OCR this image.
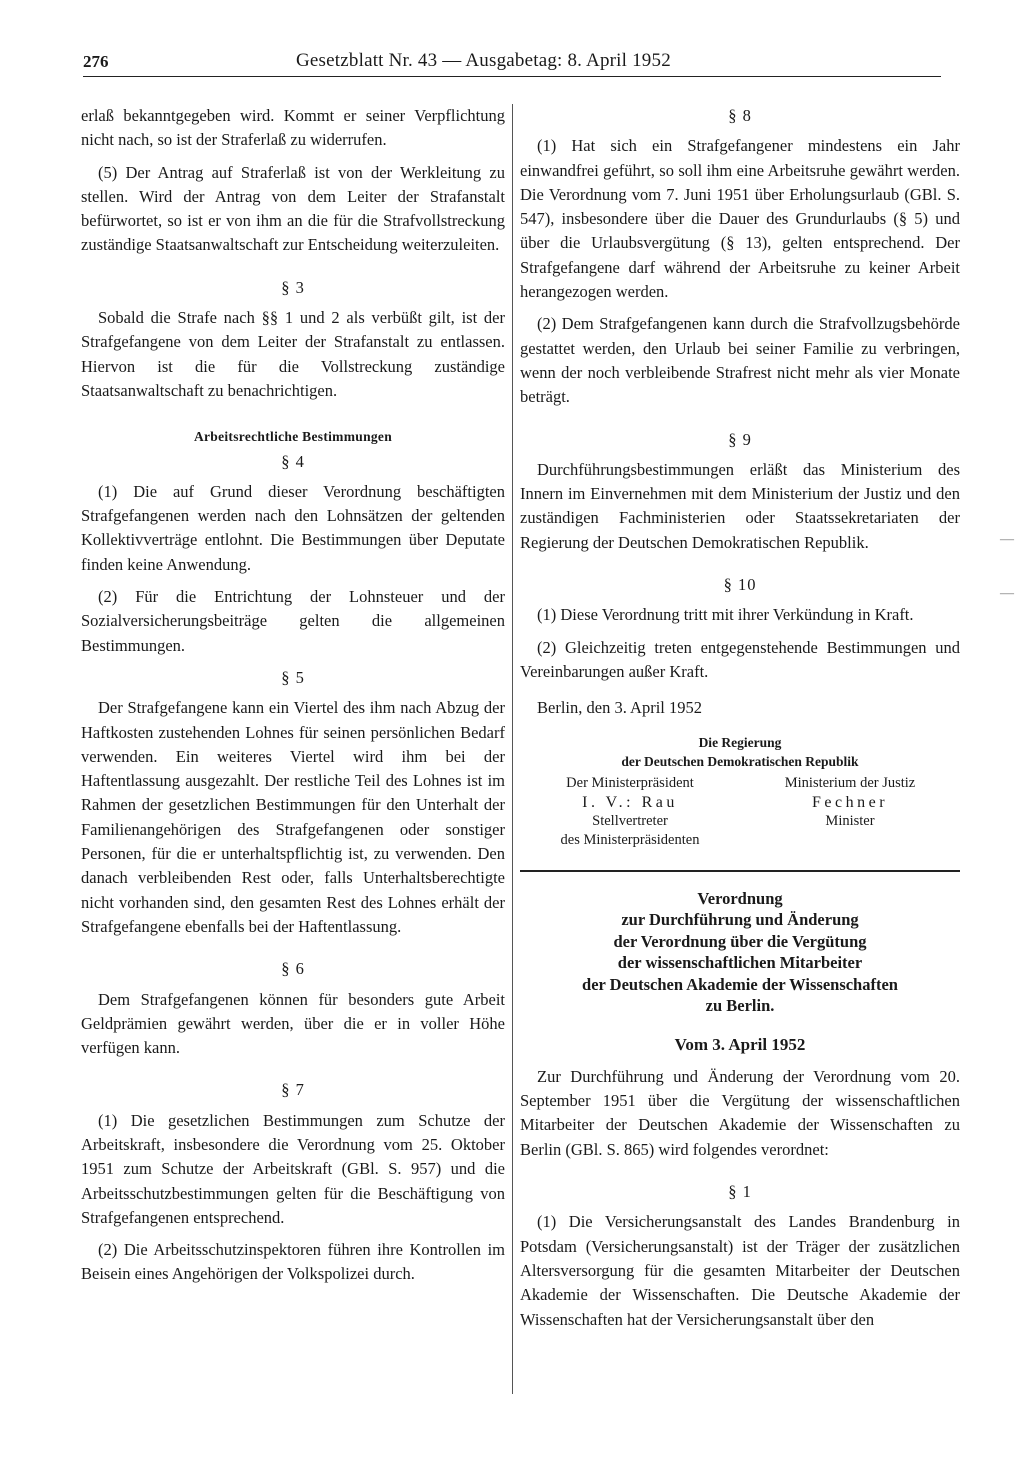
276	Gesetzblatt Nr. 43 — Ausgabetag: 8. April 1952

erlaß bekanntgegeben wird. Kommt er seiner Verpflichtung nicht nach, so ist der Straferlaß zu widerrufen.

(5) Der Antrag auf Straferlaß ist von der Werkleitung zu stellen. Wird der Antrag von dem Leiter der Strafanstalt befürwortet, so ist er von ihm an die für die Strafvollstreckung zuständige Staatsanwaltschaft zur Entscheidung weiterzuleiten.

§ 3

Sobald die Strafe nach §§ 1 und 2 als verbüßt gilt, ist der Strafgefangene von dem Leiter der Strafanstalt zu entlassen. Hiervon ist die für die Vollstreckung zuständige Staatsanwaltschaft zu benachrichtigen.

Arbeitsrechtliche Bestimmungen
§ 4

(1) Die auf Grund dieser Verordnung beschäftigten Strafgefangenen werden nach den Lohnsätzen der geltenden Kollektivverträge entlohnt. Die Bestimmungen über Deputate finden keine Anwendung.

(2) Für die Entrichtung der Lohnsteuer und der Sozialversicherungsbeiträge gelten die allgemeinen Bestimmungen.

§ 5

Der Strafgefangene kann ein Viertel des ihm nach Abzug der Haftkosten zustehenden Lohnes für seinen persönlichen Bedarf verwenden. Ein weiteres Viertel wird ihm bei der Haftentlassung ausgezahlt. Der restliche Teil des Lohnes ist im Rahmen der gesetzlichen Bestimmungen für den Unterhalt der Familienangehörigen des Strafgefangenen oder sonstiger Personen, für die er unterhaltspflichtig ist, zu verwenden. Den danach verbleibenden Rest oder, falls Unterhaltsberechtigte nicht vorhanden sind, den gesamten Rest des Lohnes erhält der Strafgefangene ebenfalls bei der Haftentlassung.

§ 6

Dem Strafgefangenen können für besonders gute Arbeit Geldprämien gewährt werden, über die er in voller Höhe verfügen kann.

§ 7

(1) Die gesetzlichen Bestimmungen zum Schutze der Arbeitskraft, insbesondere die Verordnung vom 25. Oktober 1951 zum Schutze der Arbeitskraft (GBl. S. 957) und die Arbeitsschutzbestimmungen gelten für die Beschäftigung von Strafgefangenen entsprechend.

(2) Die Arbeitsschutzinspektoren führen ihre Kontrollen im Beisein eines Angehörigen der Volkspolizei durch.

§ 8

(1) Hat sich ein Strafgefangener mindestens ein Jahr einwandfrei geführt, so soll ihm eine Arbeitsruhe gewährt werden. Die Verordnung vom 7. Juni 1951 über Erholungsurlaub (GBl. S. 547), insbesondere über die Dauer des Grundurlaubs (§ 5) und über die Urlaubsvergütung (§ 13), gelten entsprechend. Der Strafgefangene darf während der Arbeitsruhe zu keiner Arbeit herangezogen werden.

(2) Dem Strafgefangenen kann durch die Strafvollzugsbehörde gestattet werden, den Urlaub bei seiner Familie zu verbringen, wenn der noch verbleibende Strafrest nicht mehr als vier Monate beträgt.

§ 9

Durchführungsbestimmungen erläßt das Ministerium des Innern im Einvernehmen mit dem Ministerium der Justiz und den zuständigen Fachministerien oder Staatssekretariaten der Regierung der Deutschen Demokratischen Republik.

§ 10

(1) Diese Verordnung tritt mit ihrer Verkündung in Kraft.

(2) Gleichzeitig treten entgegenstehende Bestimmungen und Vereinbarungen außer Kraft.

Berlin, den 3. April 1952
Die Regierung
der Deutschen Demokratischen Republik
Der Ministerpräsident
I. V.: Rau
Stellvertreter
des Ministerpräsidenten
Ministerium der Justiz
Fechner
Minister
Verordnung
zur Durchführung und Änderung
der Verordnung über die Vergütung
der wissenschaftlichen Mitarbeiter
der Deutschen Akademie der Wissenschaften
zu Berlin.
Vom 3. April 1952

Zur Durchführung und Änderung der Verordnung vom 20. September 1951 über die Vergütung der wissenschaftlichen Mitarbeiter der Deutschen Akademie der Wissenschaften zu Berlin (GBl. S. 865) wird folgendes verordnet:

§ 1

(1) Die Versicherungsanstalt des Landes Brandenburg in Potsdam (Versicherungsanstalt) ist der Träger der zusätzlichen Altersversorgung für die gesamten Mitarbeiter der Deutschen Akademie der Wissenschaften. Die Deutsche Akademie der Wissenschaften hat der Versicherungsanstalt über den

—
—
